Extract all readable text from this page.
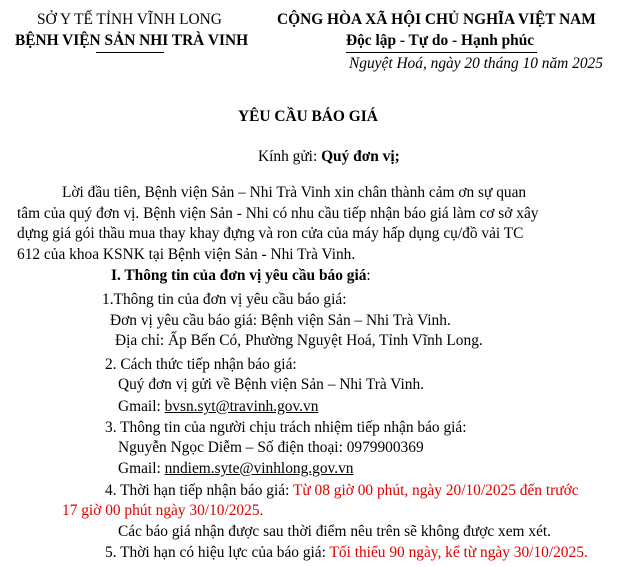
SỞ Y TẾ TỈNH VĨNH LONG
BỆNH VIỆN SẢN NHI TRÀ VINH
CỘNG HÒA XÃ HỘI CHỦ NGHĨA VIỆT NAM
Độc lập - Tự do - Hạnh phúc
Nguyệt Hoá, ngày 20 tháng 10 năm 2025
YÊU CẦU BÁO GIÁ
Kính gửi: Quý đơn vị;
Lời đầu tiên, Bệnh viện Sản – Nhi Trà Vinh xin chân thành cảm ơn sự quan
tâm của quý đơn vị. Bệnh viện Sản - Nhi có nhu cầu tiếp nhận báo giá làm cơ sở xây
dựng giá gói thầu mua thay khay đựng và ron cửa của máy hấp dụng cụ/đồ vải TC
612 của khoa KSNK tại Bệnh viện Sản - Nhi Trà Vinh.
I. Thông tin của đơn vị yêu cầu báo giá:
1.Thông tin của đơn vị yêu cầu báo giá:
Đơn vị yêu cầu báo giá: Bệnh viện Sản – Nhi Trà Vinh.
Địa chỉ: Ấp Bến Có, Phường Nguyệt Hoá, Tỉnh Vĩnh Long.
2. Cách thức tiếp nhận báo giá:
Quý đơn vị gửi về Bệnh viện Sản – Nhi Trà Vinh.
Gmail: bvsn.syt@travinh.gov.vn
3. Thông tin của người chịu trách nhiệm tiếp nhận báo giá:
Nguyễn Ngọc Diễm – Số điện thoại: 0979900369
Gmail: nndiem.syte@vinhlong.gov.vn
4. Thời hạn tiếp nhận báo giá: Từ 08 giờ 00 phút, ngày 20/10/2025 đến trước
17 giờ 00 phút ngày 30/10/2025.
Các báo giá nhận được sau thời điểm nêu trên sẽ không được xem xét.
5. Thời hạn có hiệu lực của báo giá: Tối thiểu 90 ngày, kể từ ngày 30/10/2025.
